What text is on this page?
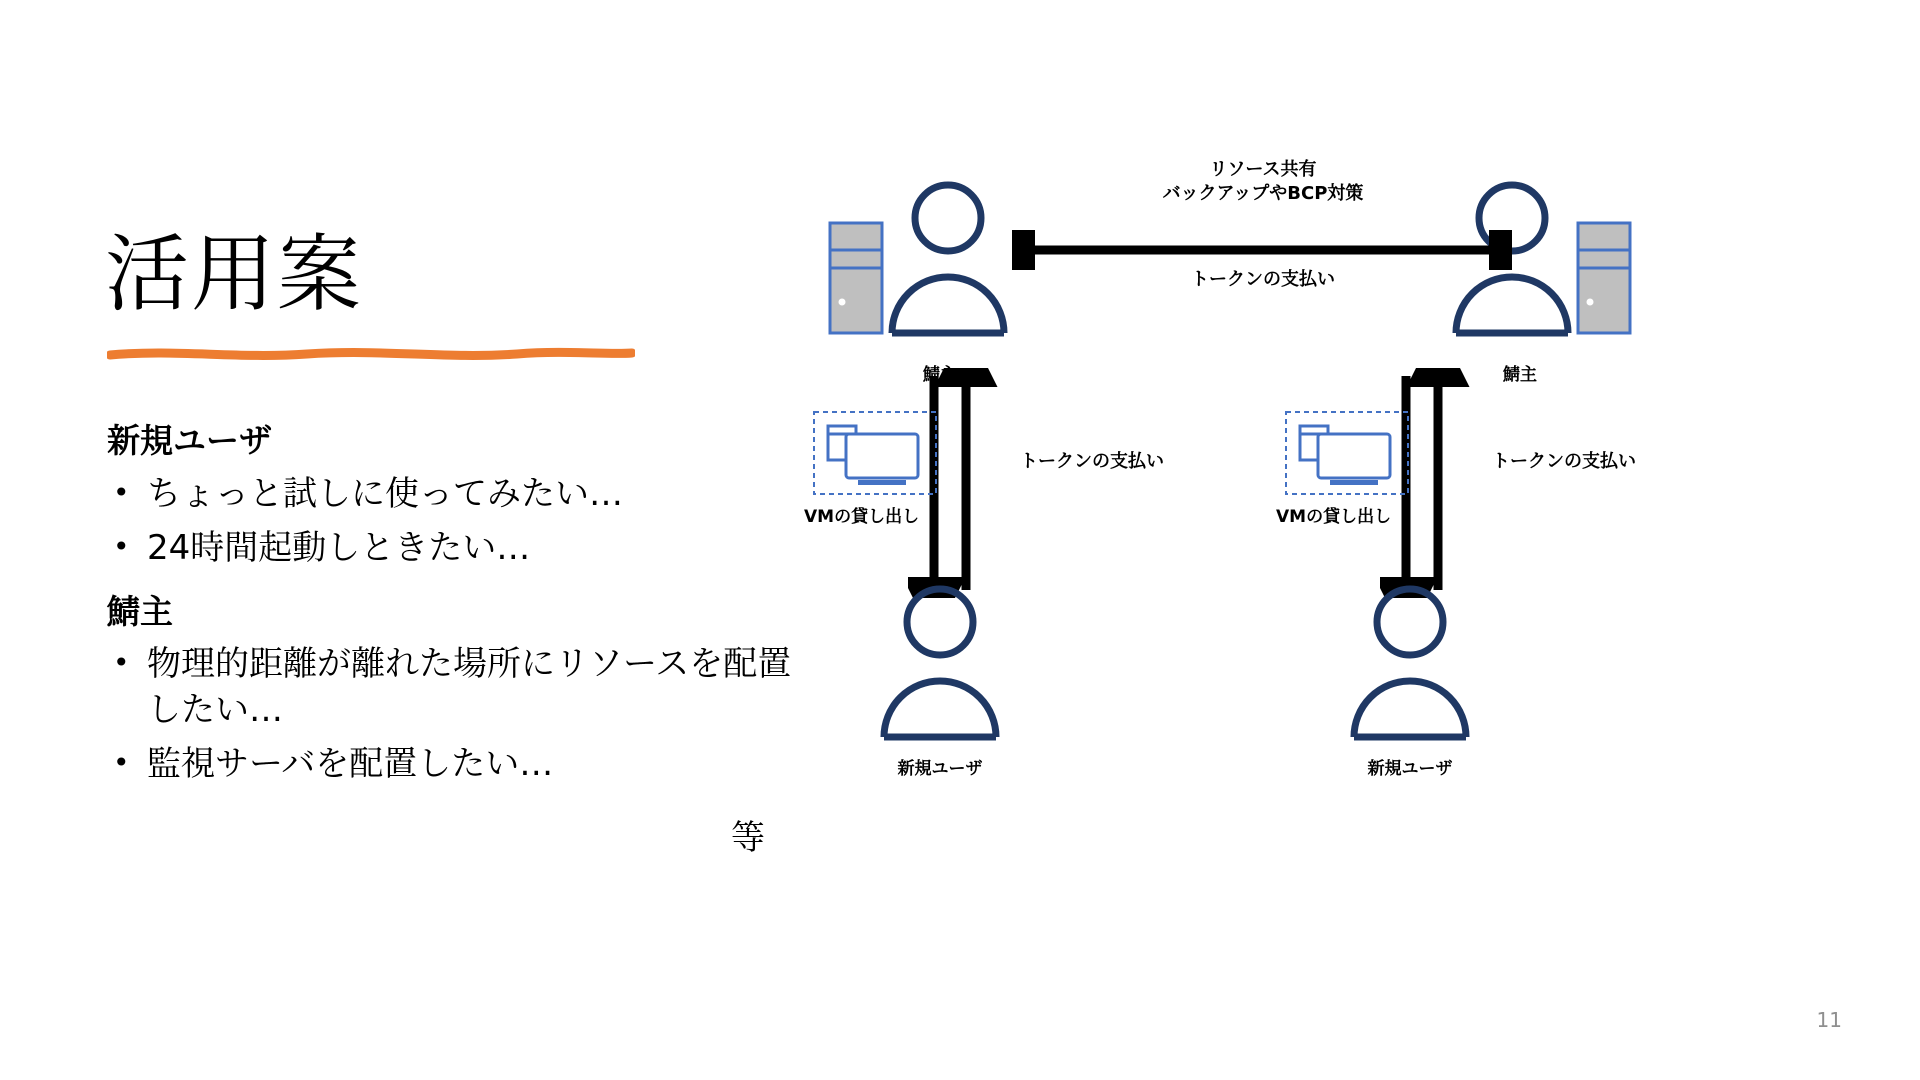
活用案
新規ユーザ
• ちょっと試しに使ってみたい…
• 24時間起動しときたい…
鯖主
• 物理的距離が離れた場所にリソースを配置したい…
• 監視サーバを配置したい…
等
鯖主	鯖主
リソース共有
バックアップやBCP対策
トークンの支払い
VMの貸し出し
トークンの支払い
VMの貸し出し
トークンの支払い
新規ユーザ	新規ユーザ
11
